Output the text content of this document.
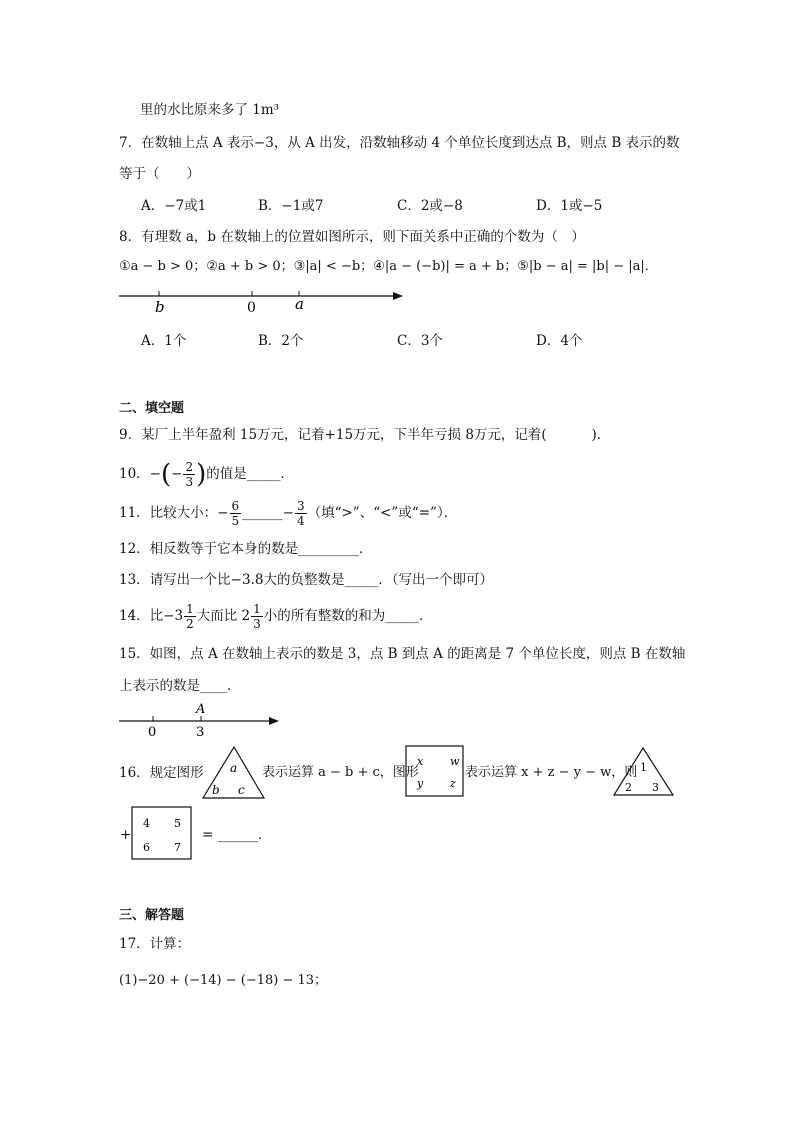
里的水比原来多了 1m³
7．在数轴上点 A 表示−3，从 A 出发，沿数轴移动 4 个单位长度到达点 B，则点 B 表示的数
等于（　　）
A．−7或1	B．−1或7	C．2或−8	D．1或−5
8．有理数 a，b 在数轴上的位置如图所示，则下面关系中正确的个数为（　）
①a − b > 0；②a + b > 0；③|a| < −b；④|a − (−b)| = a + b；⑤|b − a| = |b| − |a|．
b	0	a
A．1个	B．2个	C．3个	D．4个
二、填空题
9．某厂上半年盈利 15万元，记着+15万元，下半年亏损 8万元，记着(　　　 )．
10．−(− $\frac{2}{3}$ )的值是_____．
11．比较大小：− $\frac{6}{5}$ ______− $\frac{3}{4}$ （填“>”、“<”或“=”）．
12．相反数等于它本身的数是_________．
13．请写出一个比−3.8大的负整数是_____．（写出一个即可）
14．比$-3 \frac{1}{2}$ 大而比 $2 \frac{1}{3}$ 小的所有整数的和为_____．
15．如图，点 A 在数轴上表示的数是 3，点 B 到点 A 的距离是 7 个单位长度，则点 B 在数轴
上表示的数是____．
A
0	3
16．规定图形 a
b c
表示运算 a − b + c，图形
x w
y z
表示运算 x + z − y − w，则 1
2 3
+
4 5
6 7
= ______．
三、解答题
17．计算：
(1)−20 + (−14) − (−18) − 13；
